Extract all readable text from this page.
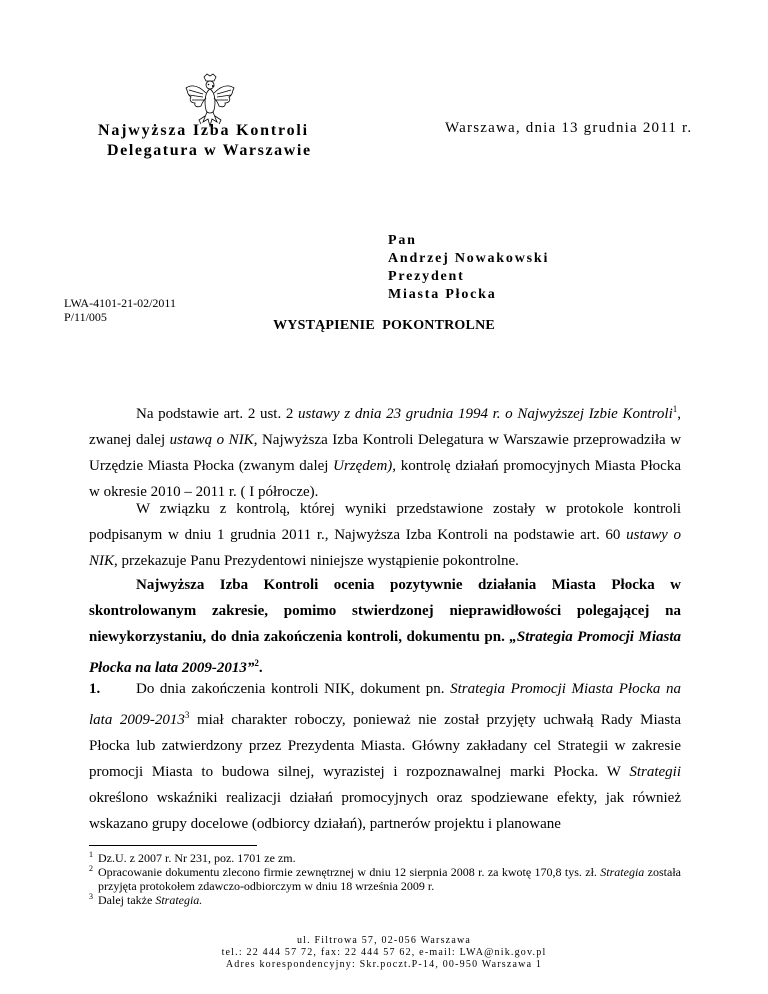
Najwyższa Izba Kontroli
Delegatura w Warszawie
Warszawa, dnia 13 grudnia 2011 r.
Pan
Andrzej Nowakowski
Prezydent
Miasta Płocka
LWA-4101-21-02/2011
P/11/005
WYSTĄPIENIE  POKONTROLNE

Na podstawie art. 2 ust. 2 ustawy z dnia 23 grudnia 1994 r. o Najwyższej Izbie Kontroli$^1$, zwanej dalej ustawą o NIK, Najwyższa Izba Kontroli Delegatura w Warszawie przeprowadziła w Urzędzie Miasta Płocka (zwanym dalej Urzędem), kontrolę działań promocyjnych Miasta Płocka w okresie 2010 – 2011 r. ( I półrocze).

W związku z kontrolą, której wyniki przedstawione zostały w protokole kontroli podpisanym w dniu 1 grudnia 2011 r., Najwyższa Izba Kontroli na podstawie art. 60 ustawy o NIK, przekazuje Panu Prezydentowi niniejsze wystąpienie pokontrolne.

Najwyższa Izba Kontroli ocenia pozytywnie działania Miasta Płocka w skontrolowanym zakresie, pomimo stwierdzonej nieprawidłowości polegającej na niewykorzystaniu, do dnia zakończenia kontroli, dokumentu pn. „Strategia Promocji Miasta Płocka na lata 2009-2013”$^2$.

1. Do dnia zakończenia kontroli NIK, dokument pn. Strategia Promocji Miasta Płocka na lata 2009-2013$^3$ miał charakter roboczy, ponieważ nie został przyjęty uchwałą Rady Miasta Płocka lub zatwierdzony przez Prezydenta Miasta. Główny zakładany cel Strategii w zakresie promocji Miasta to budowa silnej, wyrazistej i rozpoznawalnej marki Płocka. W Strategii określono wskaźniki realizacji działań promocyjnych oraz spodziewane efekty, jak również wskazano grupy docelowe (odbiorcy działań), partnerów projektu i planowane

1 Dz.U. z 2007 r. Nr 231, poz. 1701 ze zm.
2 Opracowanie dokumentu zlecono firmie zewnętrznej w dniu 12 sierpnia 2008 r. za kwotę 170,8 tys. zł. Strategia została przyjęta protokołem zdawczo-odbiorczym w dniu 18 września 2009 r.
3 Dalej także Strategia.
ul. Filtrowa 57, 02-056 Warszawa
tel.: 22 444 57 72, fax: 22 444 57 62, e-mail: LWA@nik.gov.pl
Adres korespondencyjny: Skr.poczt.P-14, 00-950 Warszawa 1
